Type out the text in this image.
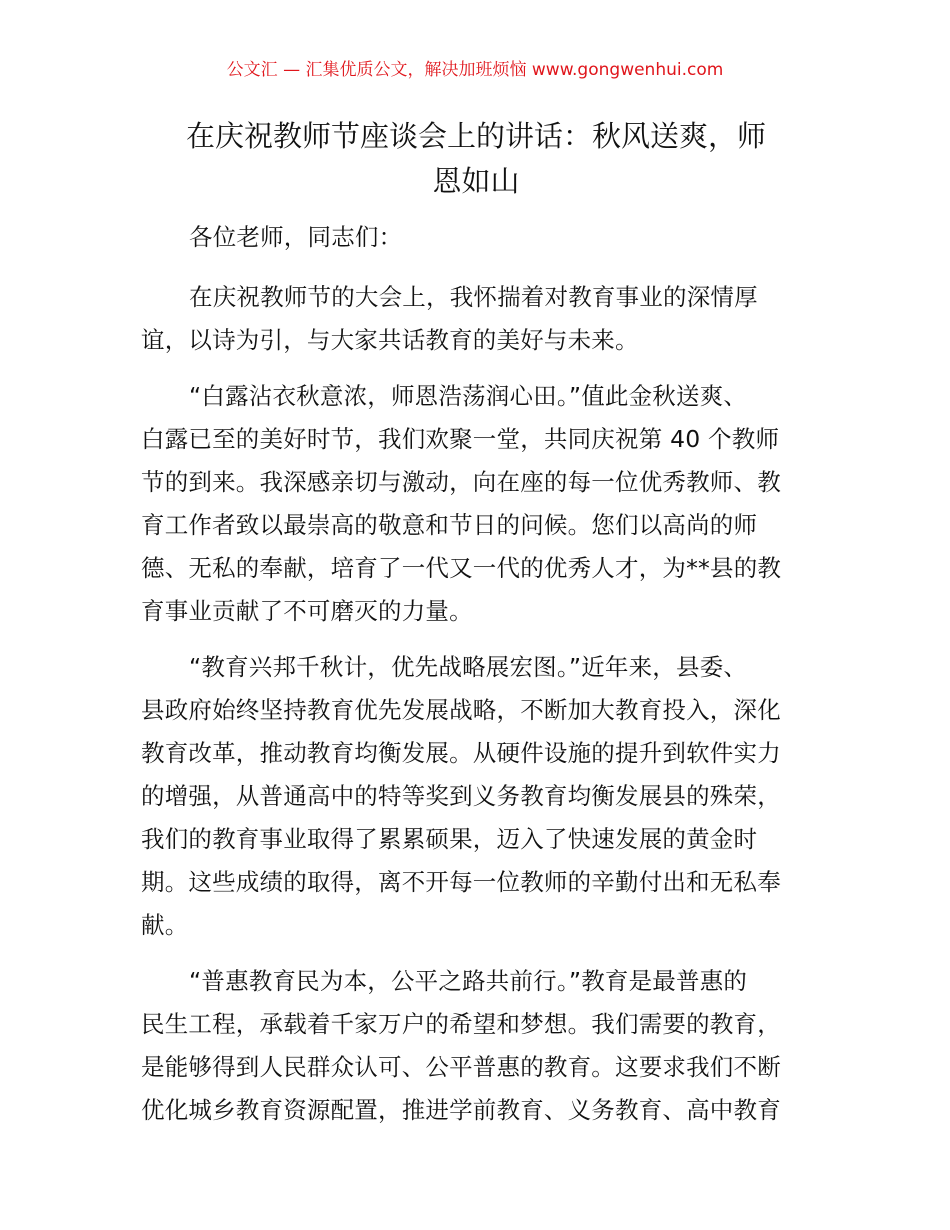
公文汇 — 汇集优质公文，解决加班烦恼 www.gongwenhui.com
在庆祝教师节座谈会上的讲话：秋风送爽，师
恩如山
各位老师，同志们：
在庆祝教师节的大会上，我怀揣着对教育事业的深情厚
谊，以诗为引，与大家共话教育的美好与未来。
“白露沾衣秋意浓，师恩浩荡润心田。”值此金秋送爽、
白露已至的美好时节，我们欢聚一堂，共同庆祝第 40 个教师
节的到来。我深感亲切与激动，向在座的每一位优秀教师、教
育工作者致以最崇高的敬意和节日的问候。您们以高尚的师
德、无私的奉献，培育了一代又一代的优秀人才，为**县的教
育事业贡献了不可磨灭的力量。
“教育兴邦千秋计，优先战略展宏图。”近年来，县委、
县政府始终坚持教育优先发展战略，不断加大教育投入，深化
教育改革，推动教育均衡发展。从硬件设施的提升到软件实力
的增强，从普通高中的特等奖到义务教育均衡发展县的殊荣，
我们的教育事业取得了累累硕果，迈入了快速发展的黄金时
期。这些成绩的取得，离不开每一位教师的辛勤付出和无私奉
献。
“普惠教育民为本，公平之路共前行。”教育是最普惠的
民生工程，承载着千家万户的希望和梦想。我们需要的教育，
是能够得到人民群众认可、公平普惠的教育。这要求我们不断
优化城乡教育资源配置，推进学前教育、义务教育、高中教育
